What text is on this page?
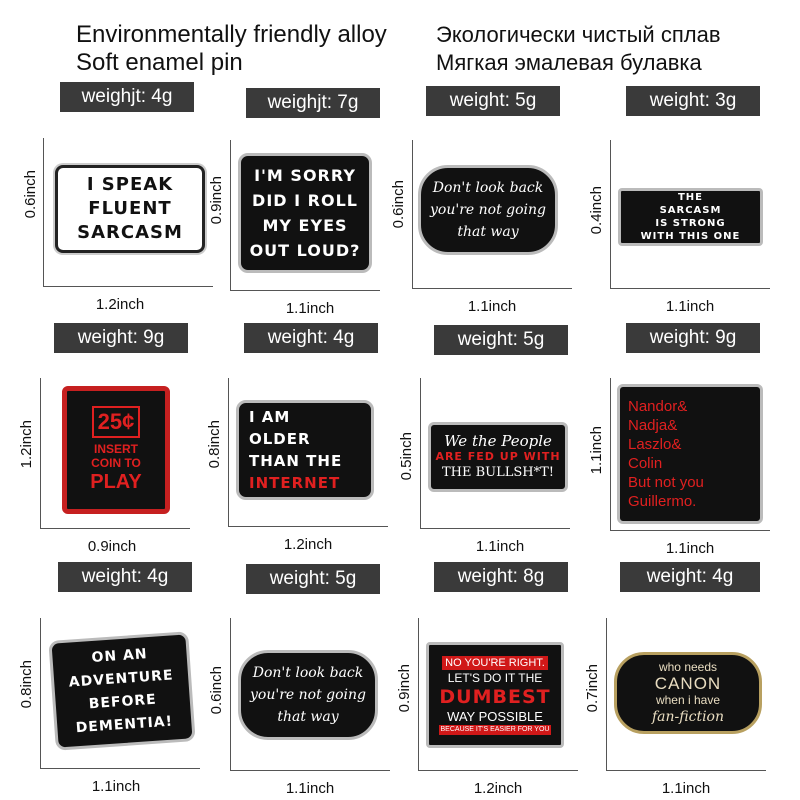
Environmentally friendly alloy
Soft enamel pin
Экологически чистый сплав
Мягкая эмалевая булавка
weighjt: 4g
0.6inch
1.2inch
I SPEAK
FLUENT
SARCASM
weighjt: 7g
0.9inch
1.1inch
I'M SORRY
DID I ROLL
MY EYES
OUT LOUD?
weight: 5g
0.6inch
1.1inch
Don't look back
you're not going
that way
weight: 3g
0.4inch
1.1inch
THE
SARCASM
IS STRONG
WITH THIS ONE
weight: 9g
1.2inch
0.9inch
25¢
INSERT
COIN TO
PLAY
weight: 4g
0.8inch
1.2inch
I AM
OLDER
THAN THE
INTERNET
weight: 5g
0.5inch
1.1inch
We the People
ARE FED UP WITH
THE BULLSH*T!
weight: 9g
1.1inch
1.1inch
Nandor&
Nadja&
Laszlo&
Colin
But not you
Guillermo.
weight: 4g
0.8inch
1.1inch
ON AN
ADVENTURE
BEFORE
DEMENTIA!
weight: 5g
0.6inch
1.1inch
Don't look back
you're not going
that way
weight: 8g
0.9inch
1.2inch
NO YOU'RE RIGHT.
LET'S DO IT THE
DUMBEST
WAY POSSIBLE
BECAUSE IT'S EASIER FOR YOU
weight: 4g
0.7inch
1.1inch
who needs
CANON
when i have
fan-fiction
